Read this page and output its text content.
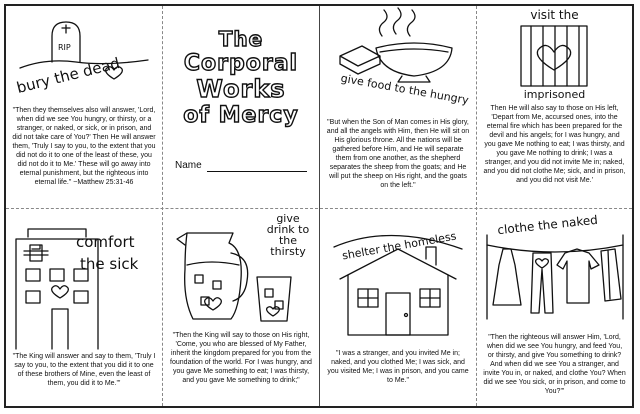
RIP
bury the dead
"Then they themselves also will answer, 'Lord, when did we see You hungry, or thirsty, or a stranger, or naked, or sick, or in prison, and did not take care of You?' Then He will answer them, 'Truly I say to you, to the extent that you did not do it to one of the least of these, you did not do it to Me.' These will go away into eternal punishment, but the righteous into eternal life." ~Matthew 25:31-46
The
Corporal
Works
of Mercy
Name
give food to the hungry
"But when the Son of Man comes in His glory, and all the angels with Him, then He will sit on His glorious throne. All the nations will be gathered before Him, and He will separate them from one another, as the shepherd separates the sheep from the goats; and He will put the sheep on His right, and the goats on the left."
visit the
imprisoned
Then He will also say to those on His left, 'Depart from Me, accursed ones, into the eternal fire which has been prepared for the devil and his angels; for I was hungry, and you gave Me nothing to eat; I was thirsty, and you gave Me nothing to drink; I was a stranger, and you did not invite Me in; naked, and you did not clothe Me; sick, and in prison, and you did not visit Me.'
comfort
the sick
"The King will answer and say to them, 'Truly I say to you, to the extent that you did it to one of these brothers of Mine, even the least of them, you did it to Me.'"
give
drink to
the
thirsty
"Then the King will say to those on His right, 'Come, you who are blessed of My Father, inherit the kingdom prepared for you from the foundation of the world. For I was hungry, and you gave Me something to eat; I was thirsty, and you gave Me something to drink;"
shelter the homeless
"I was a stranger, and you invited Me in; naked, and you clothed Me; I was sick, and you visited Me; I was in prison, and you came to Me."
clothe the naked
"Then the righteous will answer Him, 'Lord, when did we see You hungry, and feed You, or thirsty, and give You something to drink? And when did we see You a stranger, and invite You in, or naked, and clothe You? When did we see You sick, or in prison, and come to You?'"
